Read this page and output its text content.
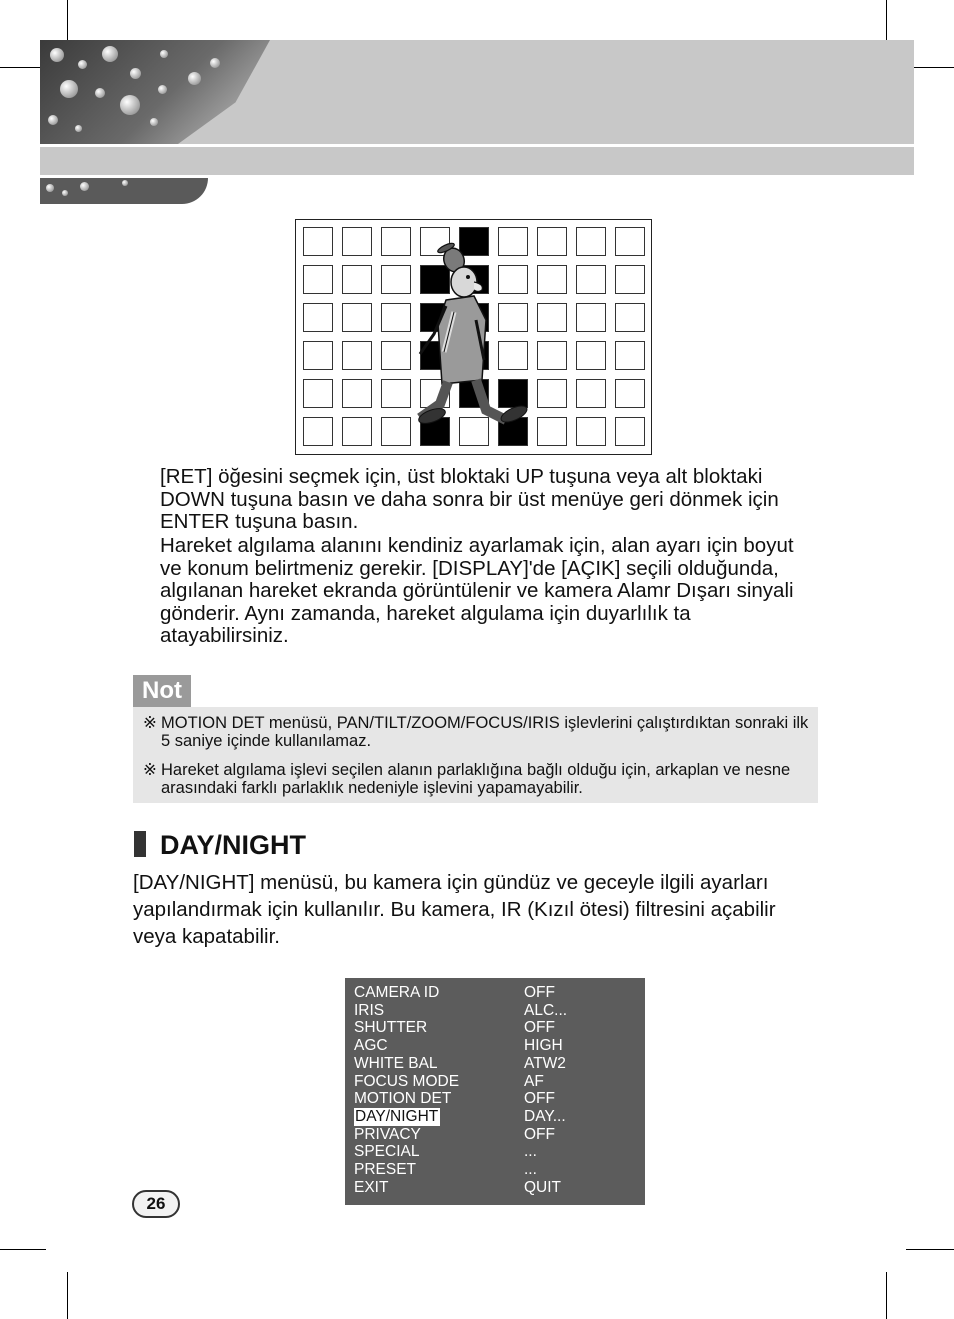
[RET] öğesini seçmek için, üst bloktaki UP tuşuna veya alt bloktaki DOWN tuşuna basın ve daha sonra bir üst menüye geri dönmek için ENTER tuşuna basın.
Hareket algılama alanını kendiniz ayarlamak için, alan ayarı için boyut ve konum belirtmeniz gerekir. [DISPLAY]'de [AÇIK] seçili olduğunda, algılanan hareket ekranda görüntülenir ve kamera Alamr Dışarı sinyali gönderir. Aynı zamanda, hareket algulama için duyarlılık ta atayabilirsiniz.
Not
※ MOTION DET menüsü, PAN/TILT/ZOOM/FOCUS/IRIS işlevlerini çalıştırdıktan sonraki ilk 5 saniye içinde kullanılamaz.
※ Hareket algılama işlevi seçilen alanın parlaklığına bağlı olduğu için, arkaplan ve nesne arasındaki farklı parlaklık nedeniyle işlevini yapamayabilir.
DAY/NIGHT
[DAY/NIGHT] menüsü, bu kamera için gündüz ve geceyle ilgili ayarları yapılandırmak için kullanılır. Bu kamera, IR (Kızıl ötesi) filtresini açabilir veya kapatabilir.
CAMERA ID	OFF
IRIS	ALC...
SHUTTER	OFF
AGC	HIGH
WHITE BAL	ATW2
FOCUS MODE	AF
MOTION DET	OFF
DAY/NIGHT	DAY...
PRIVACY	OFF
SPECIAL	...
PRESET	...
EXIT	QUIT
26
